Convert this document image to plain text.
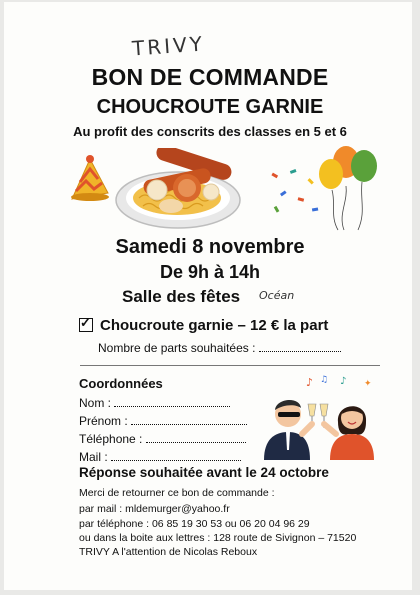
TRIVY
BON DE COMMANDE
CHOUCROUTE GARNIE
Au profit des conscrits des classes en 5 et 6
Samedi 8 novembre
De 9h à 14h
Salle des fêtes Océan
✓ Choucroute garnie – 12 € la part
Nombre de parts souhaitées :
Coordonnées
Nom :
Prénom :
Téléphone :
Mail :
♪ ♫ ♪ ✦
Réponse souhaitée avant le 24 octobre
Merci de retourner ce bon de commande :
par mail : mldemurger@yahoo.fr
par téléphone : 06 85 19 30 53 ou 06 20 04 96 29
ou dans la boite aux lettres : 128 route de Sivignon – 71520
TRIVY A l'attention de Nicolas Reboux
